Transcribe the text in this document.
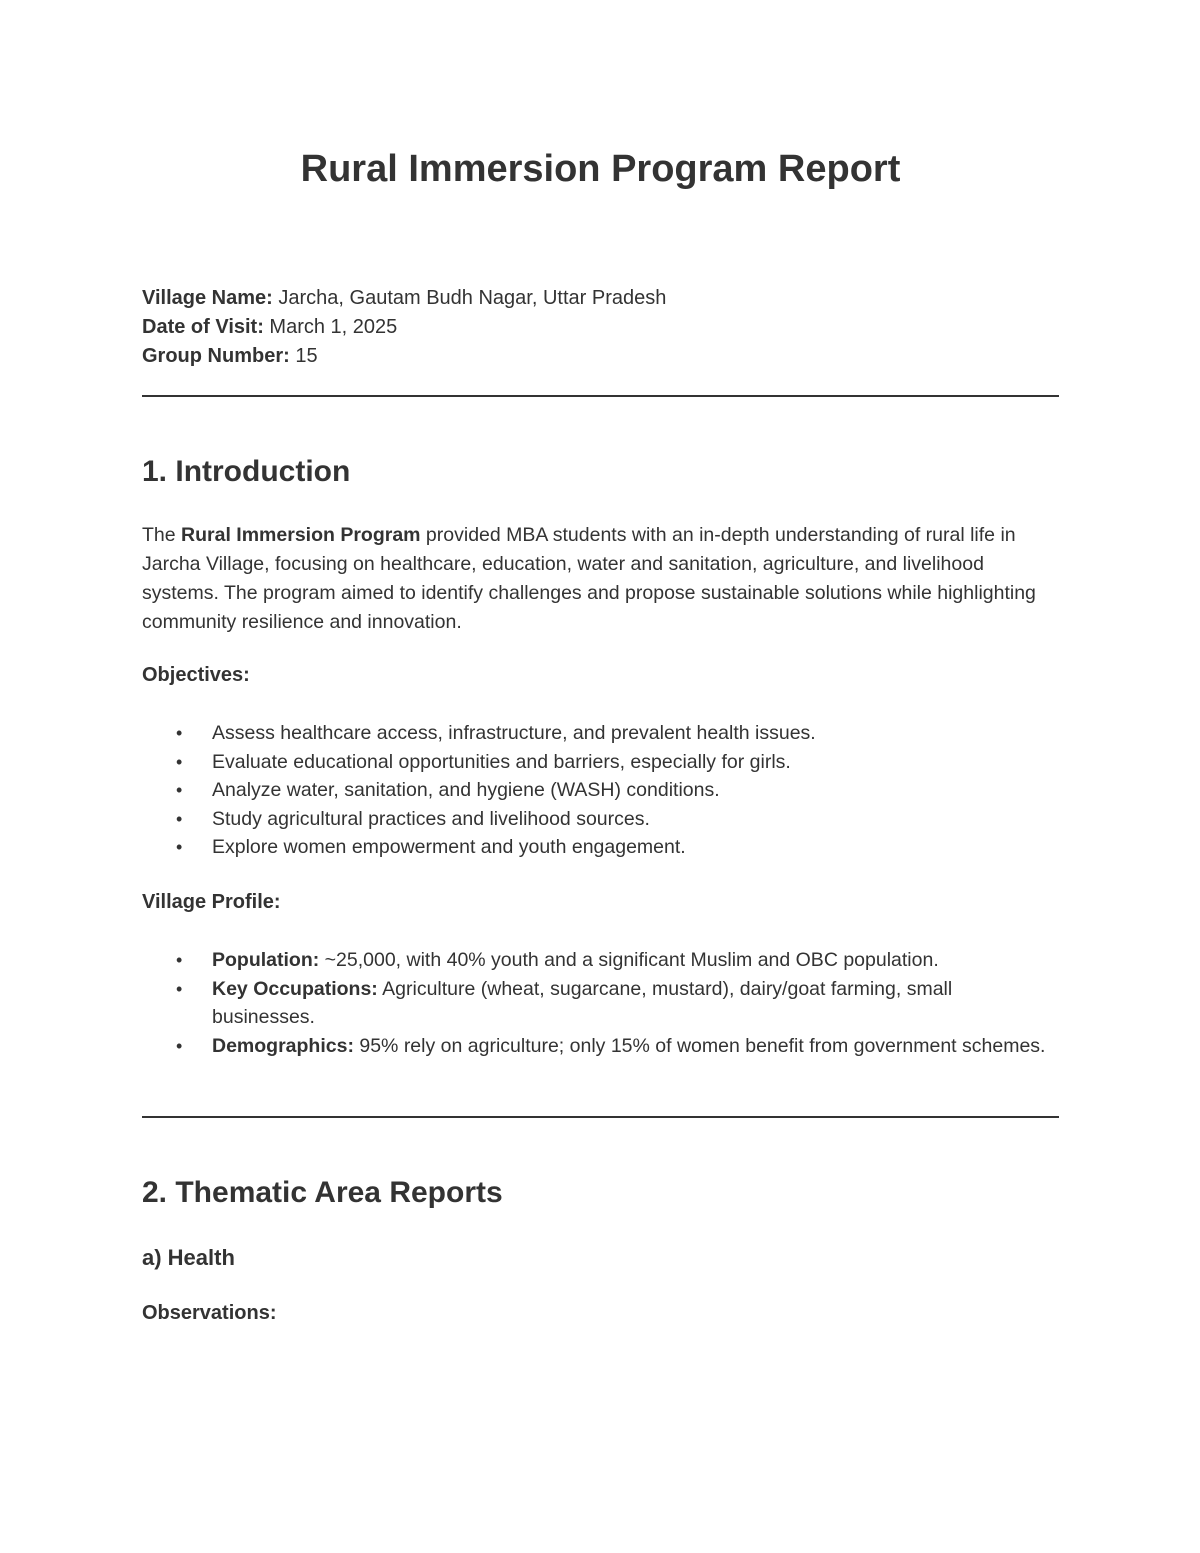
Rural Immersion Program Report
Village Name: Jarcha, Gautam Budh Nagar, Uttar Pradesh
Date of Visit: March 1, 2025
Group Number: 15
1. Introduction

The Rural Immersion Program provided MBA students with an in-depth understanding of rural life in Jarcha Village, focusing on healthcare, education, water and sanitation, agriculture, and livelihood systems. The program aimed to identify challenges and propose sustainable solutions while highlighting community resilience and innovation.

Objectives:

• Assess healthcare access, infrastructure, and prevalent health issues.
• Evaluate educational opportunities and barriers, especially for girls.
• Analyze water, sanitation, and hygiene (WASH) conditions.
• Study agricultural practices and livelihood sources.
• Explore women empowerment and youth engagement.

Village Profile:

• Population: ~25,000, with 40% youth and a significant Muslim and OBC population.
• Key Occupations: Agriculture (wheat, sugarcane, mustard), dairy/goat farming, small businesses.
• Demographics: 95% rely on agriculture; only 15% of women benefit from government schemes.
2. Thematic Area Reports
a) Health

Observations:
